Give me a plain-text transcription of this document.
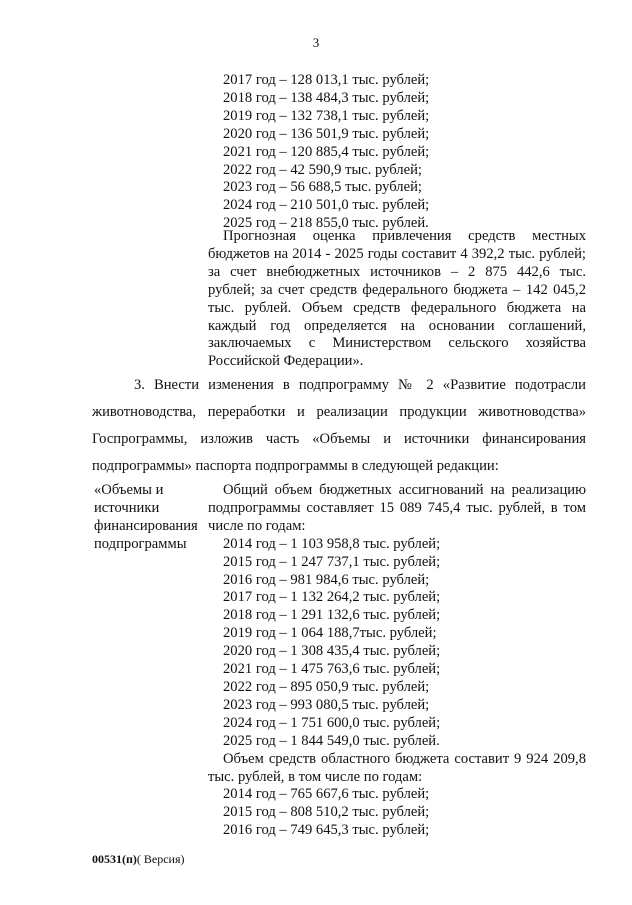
3
2017 год – 128 013,1 тыс. рублей;
2018 год – 138 484,3 тыс. рублей;
2019 год – 132 738,1 тыс. рублей;
2020 год – 136 501,9 тыс. рублей;
2021 год – 120 885,4 тыс. рублей;
2022 год – 42 590,9 тыс. рублей;
2023 год – 56 688,5 тыс. рублей;
2024 год – 210 501,0 тыс. рублей;
2025 год – 218 855,0 тыс. рублей.

Прогнозная оценка привлечения средств местных бюджетов на 2014 - 2025 годы составит 4 392,2 тыс. рублей; за счет внебюджетных источников – 2 875 442,6 тыс. рублей; за счет средств федерального бюджета – 142 045,2 тыс. рублей. Объем средств федерального бюджета на каждый год определяется на основании соглашений, заключаемых с Министерством сельского хозяйства Российской Федерации».

3. Внести изменения в подпрограмму № 2 «Развитие подотрасли животноводства, переработки и реализации продукции животноводства» Госпрограммы, изложив часть «Объемы и источники финансирования подпрограммы» паспорта подпрограммы в следующей редакции:

«Объемы и
источники
финансирования
подпрограммы

Общий объем бюджетных ассигнований на реализацию подпрограммы составляет 15 089 745,4 тыс. рублей, в том числе по годам:

2014 год – 1 103 958,8 тыс. рублей;
2015 год – 1 247 737,1 тыс. рублей;
2016 год – 981 984,6 тыс. рублей;
2017 год – 1 132 264,2 тыс. рублей;
2018 год – 1 291 132,6 тыс. рублей;
2019 год – 1 064 188,7тыс. рублей;
2020 год – 1 308 435,4 тыс. рублей;
2021 год – 1 475 763,6 тыс. рублей;
2022 год – 895 050,9 тыс. рублей;
2023 год – 993 080,5 тыс. рублей;
2024 год – 1 751 600,0 тыс. рублей;
2025 год – 1 844 549,0 тыс. рублей.

Объем средств областного бюджета составит 9 924 209,8 тыс. рублей, в том числе по годам:

2014 год – 765 667,6 тыс. рублей;
2015 год – 808 510,2 тыс. рублей;
2016 год – 749 645,3 тыс. рублей;
00531(п)( Версия)
